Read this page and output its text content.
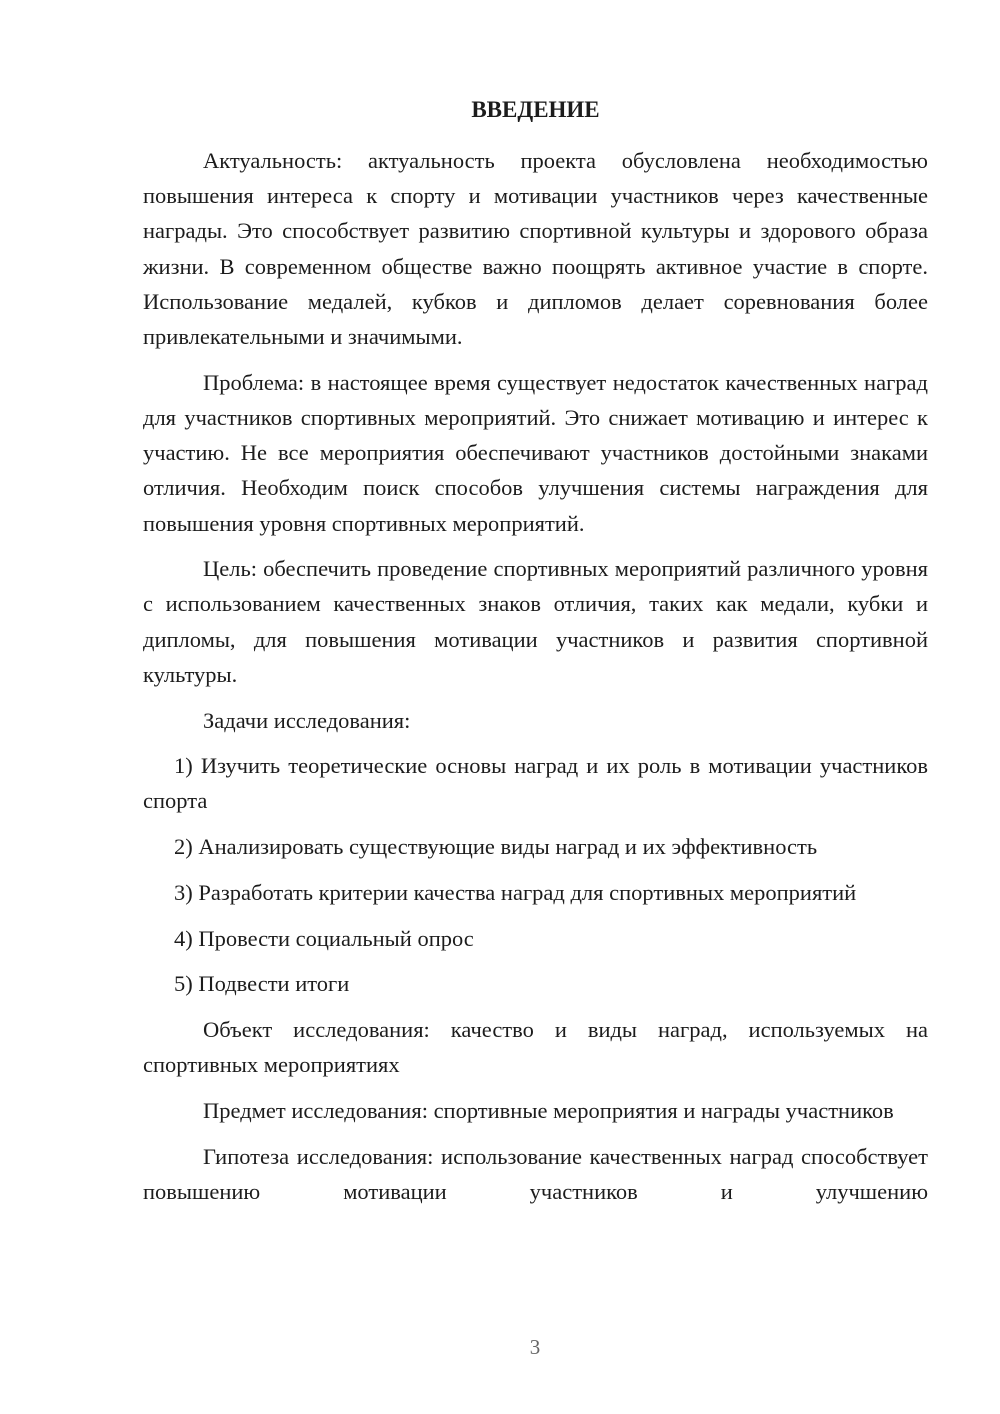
ВВЕДЕНИЕ

Актуальность: актуальность проекта обусловлена необходимостью повышения интереса к спорту и мотивации участников через качественные награды. Это способствует развитию спортивной культуры и здорового образа жизни. В современном обществе важно поощрять активное участие в спорте. Использование медалей, кубков и дипломов делает соревнования более привлекательными и значимыми.

Проблема: в настоящее время существует недостаток качественных наград для участников спортивных мероприятий. Это снижает мотивацию и интерес к участию. Не все мероприятия обеспечивают участников достойными знаками отличия. Необходим поиск способов улучшения системы награждения для повышения уровня спортивных мероприятий.

Цель: обеспечить проведение спортивных мероприятий различного уровня с использованием качественных знаков отличия, таких как медали, кубки и дипломы, для повышения мотивации участников и развития спортивной культуры.

Задачи исследования:

1) Изучить теоретические основы наград и их роль в мотивации участников спорта

2) Анализировать существующие виды наград и их эффективность

3) Разработать критерии качества наград для спортивных мероприятий

4) Провести социальный опрос

5) Подвести итоги

Объект исследования: качество и виды наград, используемых на спортивных мероприятиях

Предмет исследования: спортивные мероприятия и награды участников

Гипотеза исследования: использование качественных наград способствует повышению мотивации участников и улучшению

3
